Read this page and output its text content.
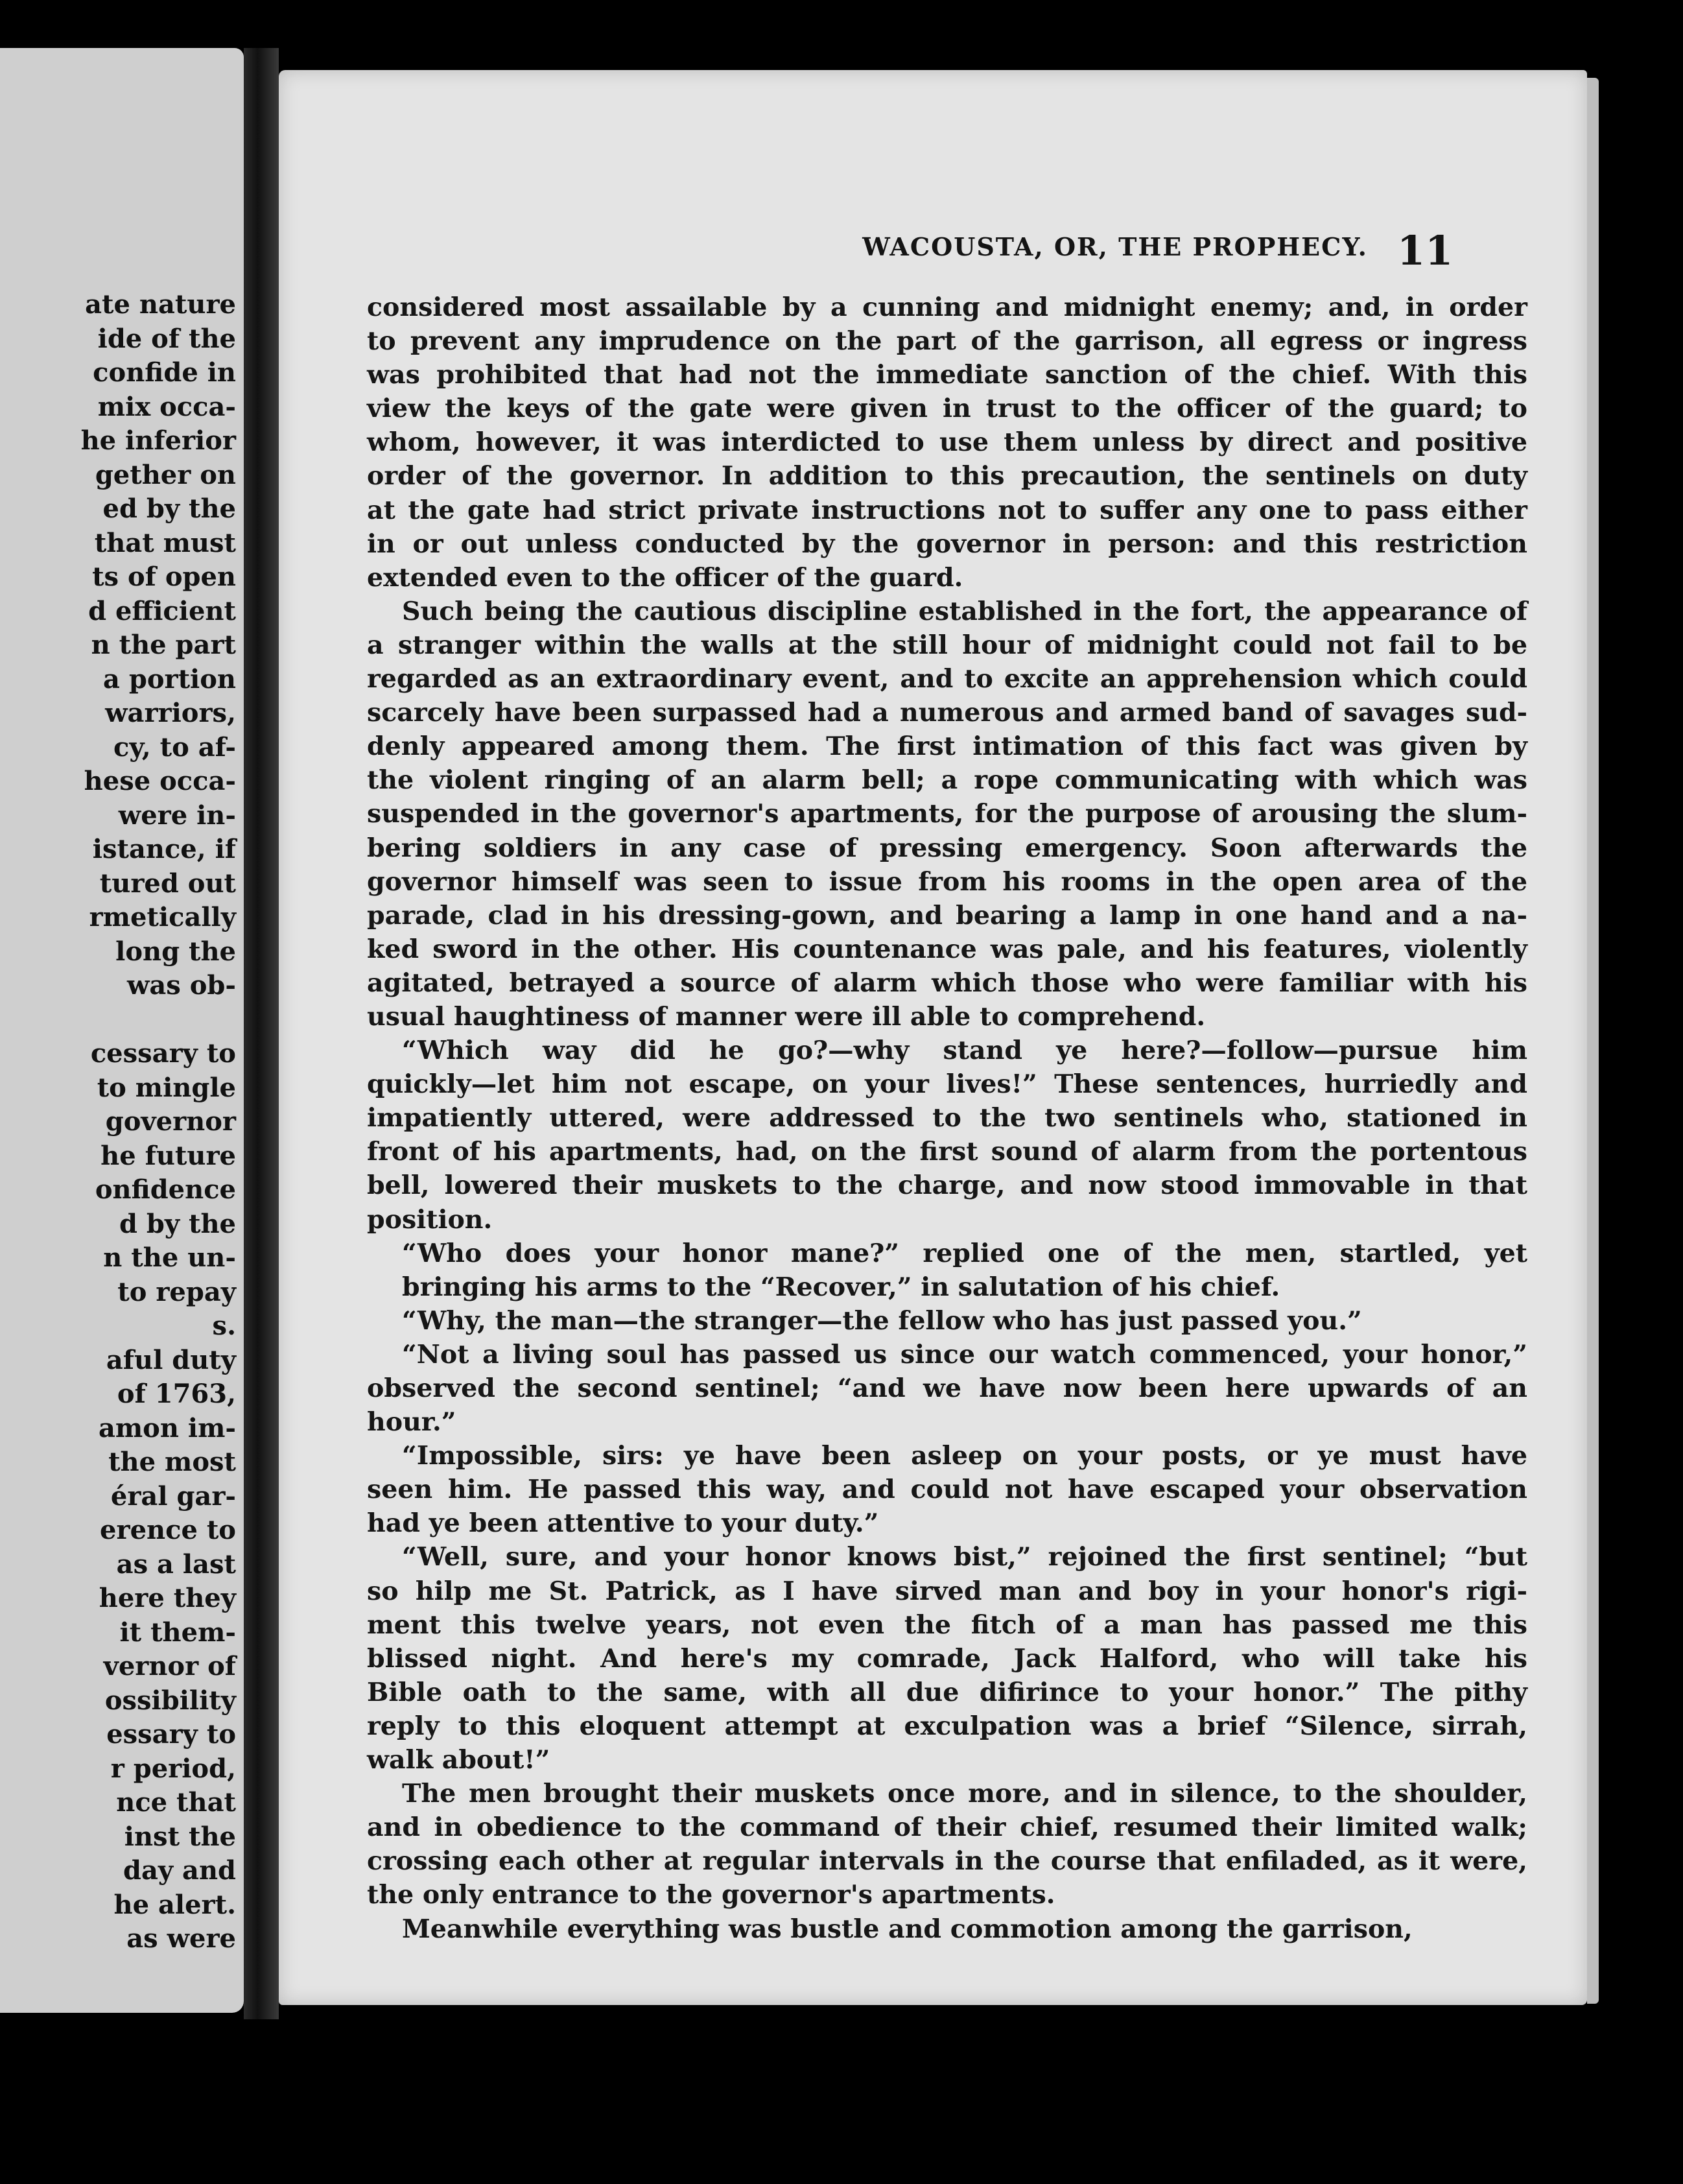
ate nature
ide of the
confide in
mix occa-
he inferior
gether on
ed by the
that must
ts of open
d efficient
n the part
a portion
warriors,
cy, to af-
hese occa-
were in-
istance, if
tured out
rmetically
long the
was ob-

cessary to
to mingle
governor
he future
onfidence
d by the
n the un-
to repay
s.
aful duty
of 1763,
amon im-
the most
éral gar-
erence to
as a last
here they
it them-
vernor of
ossibility
essary to
r period,
nce that
inst the
day and
he alert.
as were
WACOUSTA, OR, THE PROPHECY. 11
considered most assailable by a cunning and midnight enemy; and, in order
to prevent any imprudence on the part of the garrison, all egress or ingress
was prohibited that had not the immediate sanction of the chief. With this
view the keys of the gate were given in trust to the officer of the guard; to
whom, however, it was interdicted to use them unless by direct and positive
order of the governor. In addition to this precaution, the sentinels on duty
at the gate had strict private instructions not to suffer any one to pass either
in or out unless conducted by the governor in person: and this restriction
extended even to the officer of the guard.
Such being the cautious discipline established in the fort, the appearance of
a stranger within the walls at the still hour of midnight could not fail to be
regarded as an extraordinary event, and to excite an apprehension which could
scarcely have been surpassed had a numerous and armed band of savages sud-
denly appeared among them. The first intimation of this fact was given by
the violent ringing of an alarm bell; a rope communicating with which was
suspended in the governor's apartments, for the purpose of arousing the slum-
bering soldiers in any case of pressing emergency. Soon afterwards the
governor himself was seen to issue from his rooms in the open area of the
parade, clad in his dressing-gown, and bearing a lamp in one hand and a na-
ked sword in the other. His countenance was pale, and his features, violently
agitated, betrayed a source of alarm which those who were familiar with his
usual haughtiness of manner were ill able to comprehend.
“Which way did he go?—why stand ye here?—follow—pursue him
quickly—let him not escape, on your lives!” These sentences, hurriedly and
impatiently uttered, were addressed to the two sentinels who, stationed in
front of his apartments, had, on the first sound of alarm from the portentous
bell, lowered their muskets to the charge, and now stood immovable in that
position.
“Who does your honor mane?” replied one of the men, startled, yet
bringing his arms to the “Recover,” in salutation of his chief.
“Why, the man—the stranger—the fellow who has just passed you.”
“Not a living soul has passed us since our watch commenced, your honor,”
observed the second sentinel; “and we have now been here upwards of an
hour.”
“Impossible, sirs: ye have been asleep on your posts, or ye must have
seen him. He passed this way, and could not have escaped your observation
had ye been attentive to your duty.”
“Well, sure, and your honor knows bist,” rejoined the first sentinel; “but
so hilp me St. Patrick, as I have sirved man and boy in your honor's rigi-
ment this twelve years, not even the fitch of a man has passed me this
blissed night. And here's my comrade, Jack Halford, who will take his
Bible oath to the same, with all due difirince to your honor.” The pithy
reply to this eloquent attempt at exculpation was a brief “Silence, sirrah,
walk about!”
The men brought their muskets once more, and in silence, to the shoulder,
and in obedience to the command of their chief, resumed their limited walk;
crossing each other at regular intervals in the course that enfiladed, as it were,
the only entrance to the governor's apartments.
Meanwhile everything was bustle and commotion among the garrison,
